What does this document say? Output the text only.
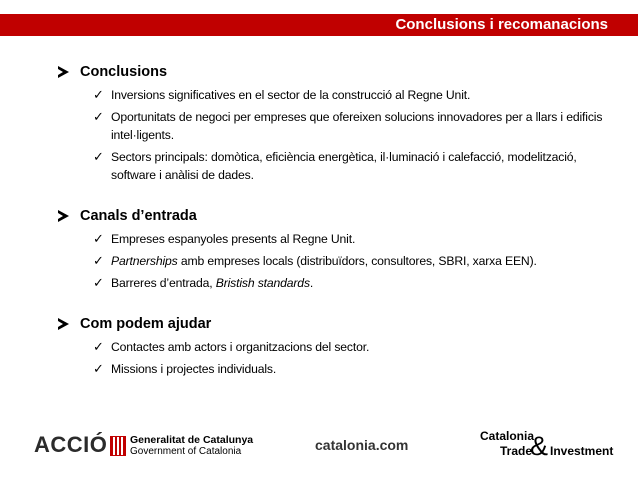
Conclusions i recomanacions
Conclusions
✓ Inversions significatives en el sector de la construcció al Regne Unit.
✓ Oportunitats de negoci per empreses que ofereixen solucions innovadores per a llars i edificis intel·ligents.
✓ Sectors principals: domòtica, eficiència energètica, il·luminació i calefacció, modelització, software i anàlisi de dades.
Canals d’entrada
✓ Empreses espanyoles presents al Regne Unit.
✓ Partnerships amb empreses locals (distribuïdors, consultores, SBRI, xarxa EEN).
✓ Barreres d’entrada, Bristish standards.
Com podem ajudar
✓ Contactes amb actors i organitzacions del sector.
✓ Missions i projectes individuals.
ACCIÓ Generalitat de Catalunya
Government of Catalonia	catalonia.com
Catalonia
&
Trade Investment
